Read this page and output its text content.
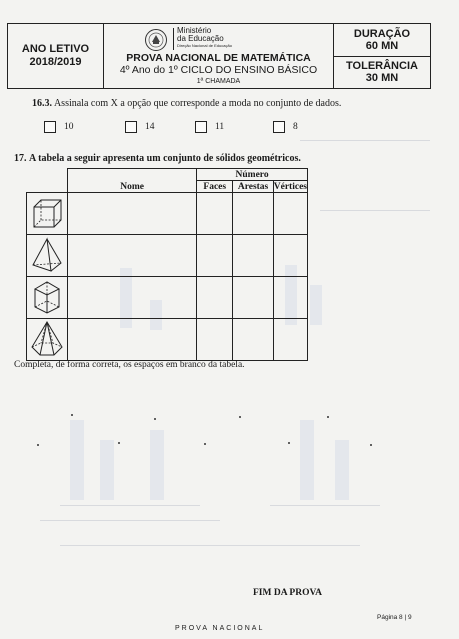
ANO LETIVO
2018/2019
Ministério
da Educação
Direção Nacional de Educação
PROVA NACIONAL DE MATEMÁTICA
4º Ano do 1º CICLO DO ENSINO BÁSICO
1ª CHAMADA
DURAÇÃO
60 MN
TOLERÂNCIA
30 MN
16.3. Assinala com X a opção que corresponde a moda no conjunto de dados.
10	14	11	8
17. A tabela a seguir apresenta um conjunto de sólidos geométricos.
	Nome	Número		
		Faces	Arestas	Vértices

Completa, de forma correta, os espaços em branco da tabela.
FIM DA PROVA
Página 8 | 9
PROVA NACIONAL
